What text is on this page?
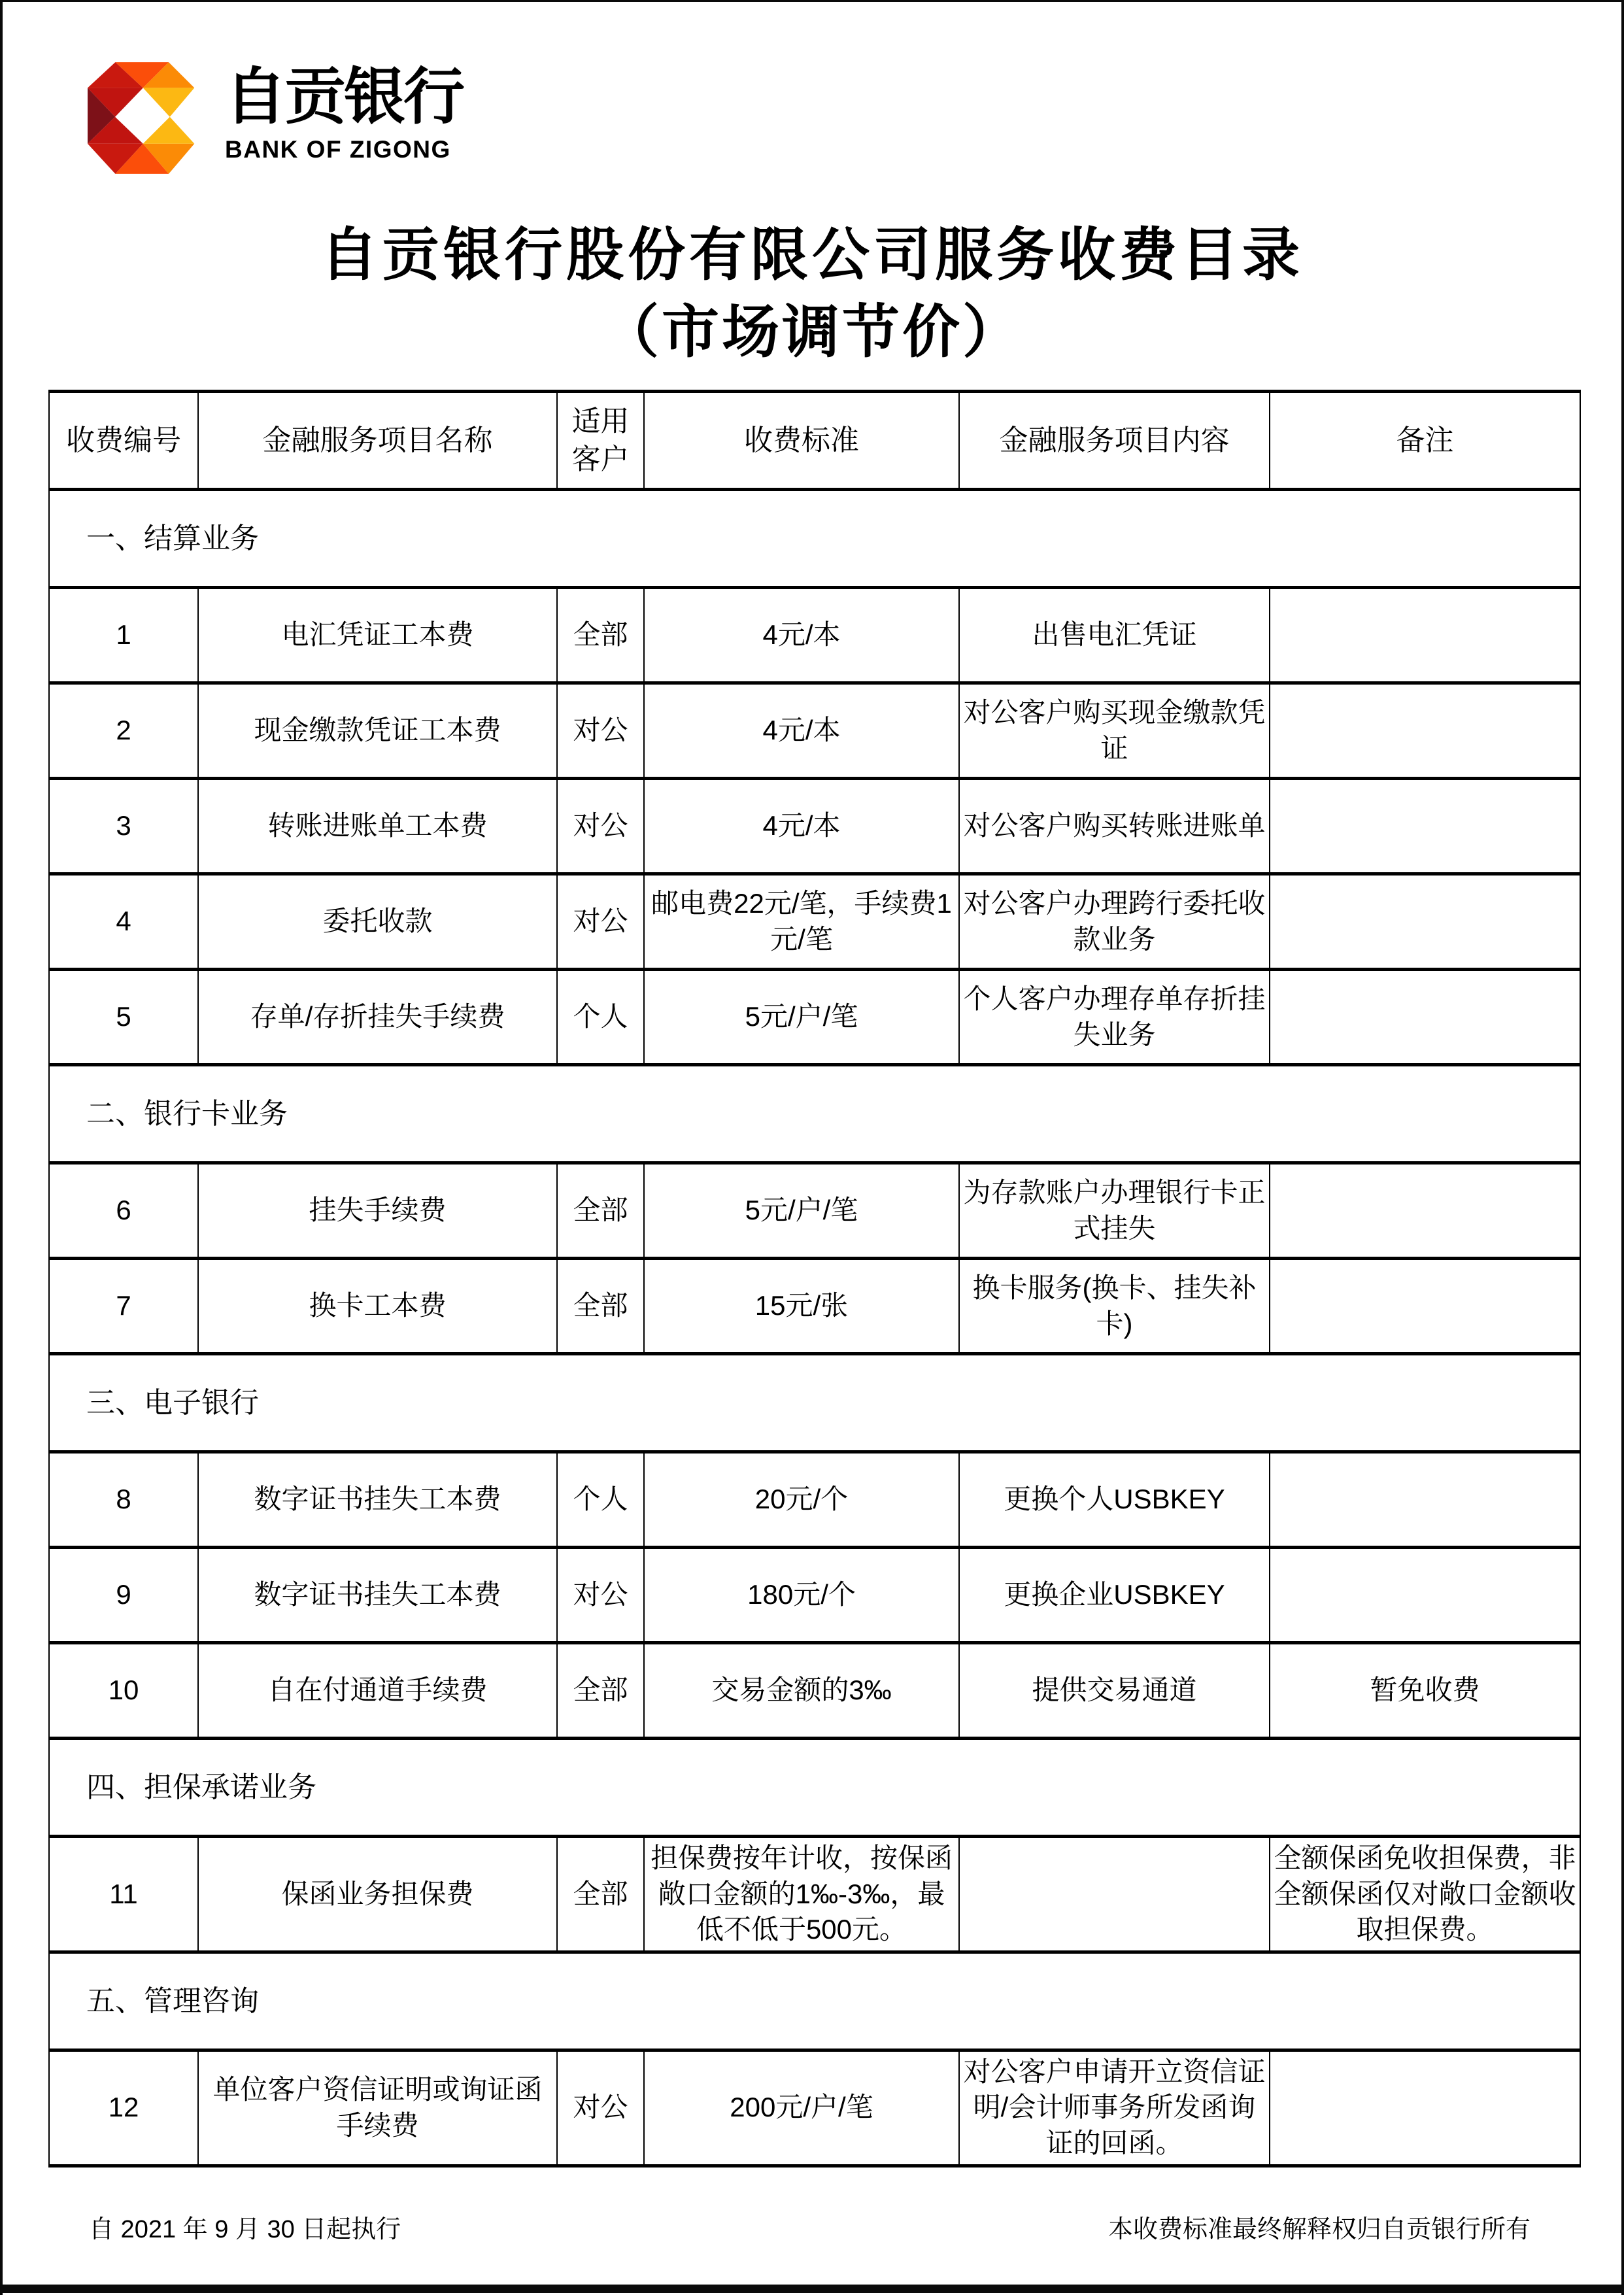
自贡银行
BANK OF ZIGONG
自贡银行股份有限公司服务收费目录
（市场调节价）
收费编号	金融服务项目名称	适用客户	收费标准	金融服务项目内容	备注
一、结算业务					
1	电汇凭证工本费	全部	4元/本	出售电汇凭证	
2	现金缴款凭证工本费	对公	4元/本	对公客户购买现金缴款凭证	
3	转账进账单工本费	对公	4元/本	对公客户购买转账进账单	
4	委托收款	对公	邮电费22元/笔，手续费1元/笔	对公客户办理跨行委托收款业务	
5	存单/存折挂失手续费	个人	5元/户/笔	个人客户办理存单存折挂失业务	
二、银行卡业务					
6	挂失手续费	全部	5元/户/笔	为存款账户办理银行卡正式挂失	
7	换卡工本费	全部	15元/张	换卡服务(换卡、挂失补卡)	
三、电子银行					
8	数字证书挂失工本费	个人	20元/个	更换个人USBKEY	
9	数字证书挂失工本费	对公	180元/个	更换企业USBKEY	
10	自在付通道手续费	全部	交易金额的3‰	提供交易通道	暂免收费
四、担保承诺业务					
11	保函业务担保费	全部	担保费按年计收，按保函敞口金额的1‰-3‰，最低不低于500元。		全额保函免收担保费，非全额保函仅对敞口金额收取担保费。
五、管理咨询					
12	单位客户资信证明或询证函手续费	对公	200元/户/笔	对公客户申请开立资信证明/会计师事务所发函询证的回函。	
自 2021 年 9 月 30 日起执行	本收费标准最终解释权归自贡银行所有
